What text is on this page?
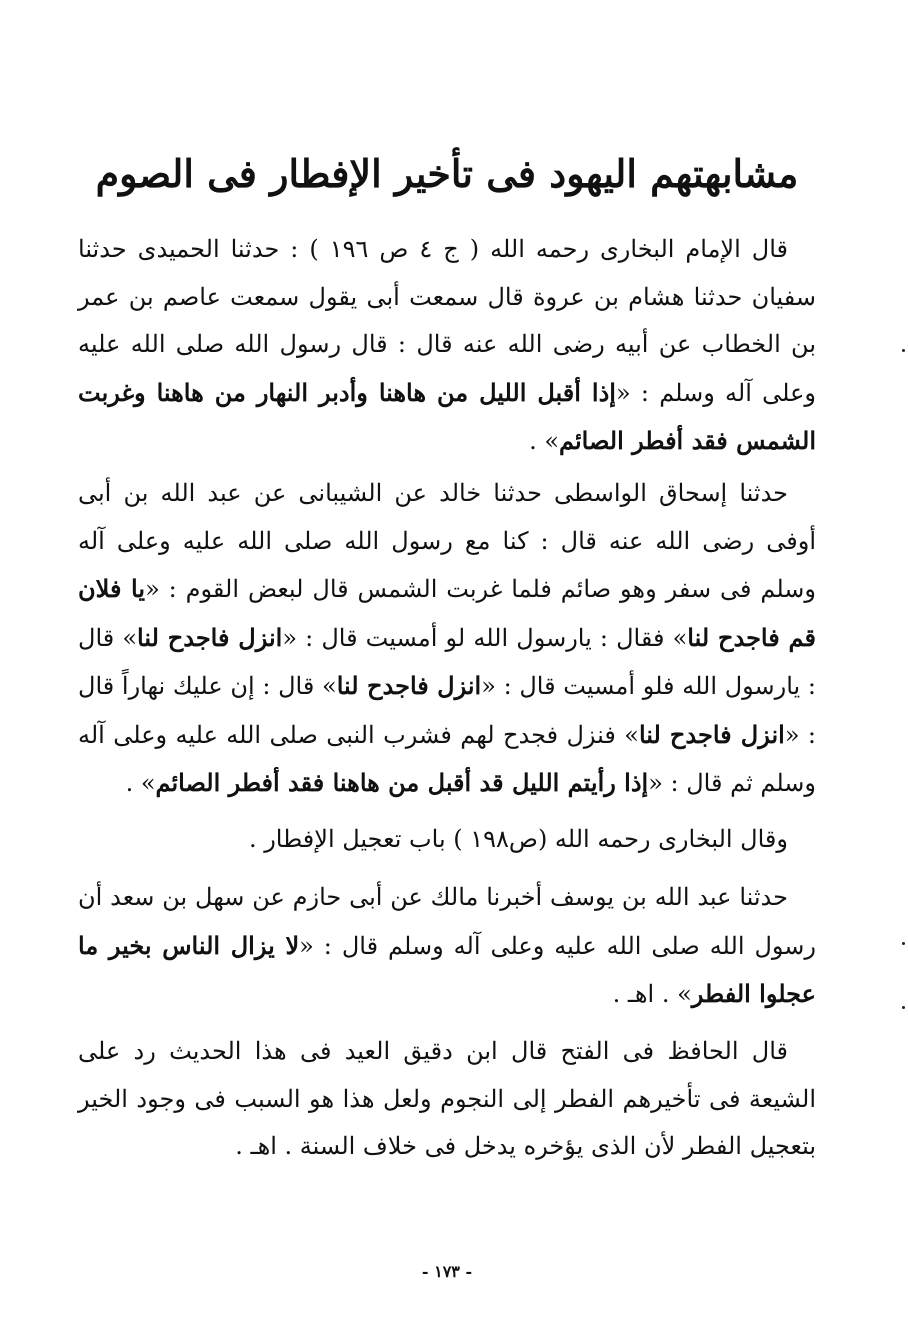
مشابهتهم اليهود فى تأخير الإفطار فى الصوم
قال الإمام البخارى رحمه الله ( ج ٤ ص ١٩٦ ) : حدثنا الحميدى حدثنا سفيان حدثنا هشام بن عروة قال سمعت أبى يقول سمعت عاصم بن عمر بن الخطاب عن أبيه رضى الله عنه قال : قال رسول الله صلى الله عليه وعلى آله وسلم : «إذا أقبل الليل من هاهنا وأدبر النهار من هاهنا وغربت الشمس فقد أفطر الصائم» .
حدثنا إسحاق الواسطى حدثنا خالد عن الشيبانى عن عبد الله بن أبى أوفى رضى الله عنه قال : كنا مع رسول الله صلى الله عليه وعلى آله وسلم فى سفر وهو صائم فلما غربت الشمس قال لبعض القوم : «يا فلان قم فاجدح لنا» فقال : يارسول الله لو أمسيت قال : «انزل فاجدح لنا» قال : يارسول الله فلو أمسيت قال : «انزل فاجدح لنا» قال : إن عليك نهاراً قال : «انزل فاجدح لنا» فنزل فجدح لهم فشرب النبى صلى الله عليه وعلى آله وسلم ثم قال : «إذا رأيتم الليل قد أقبل من هاهنا فقد أفطر الصائم» .
وقال البخارى رحمه الله (ص١٩٨ ) باب تعجيل الإفطار .
حدثنا عبد الله بن يوسف أخبرنا مالك عن أبى حازم عن سهل بن سعد أن رسول الله صلى الله عليه وعلى آله وسلم قال : «لا يزال الناس بخير ما عجلوا الفطر» . اهـ .
قال الحافظ فى الفتح قال ابن دقيق العيد فى هذا الحديث رد على الشيعة فى تأخيرهم الفطر إلى النجوم ولعل هذا هو السبب فى وجود الخير بتعجيل الفطر لأن الذى يؤخره يدخل فى خلاف السنة . اهـ .
- ١٧٣ -
